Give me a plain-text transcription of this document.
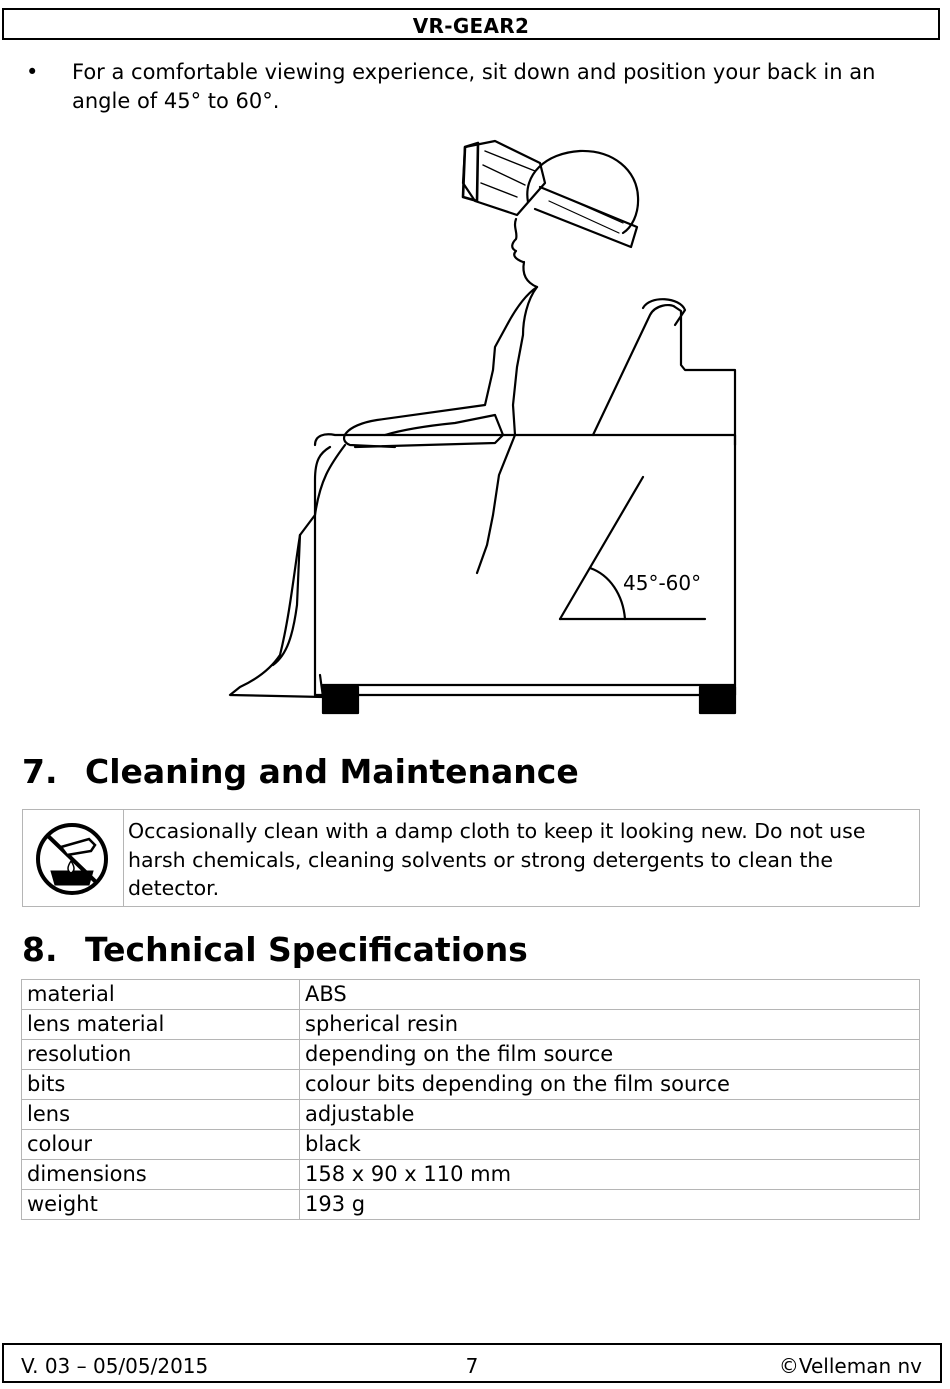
VR-GEAR2
• For a comfortable viewing experience, sit down and position your back in an angle of 45° to 60°.
45°-60°
7. Cleaning and Maintenance
Occasionally clean with a damp cloth to keep it looking new. Do not use harsh chemicals, cleaning solvents or strong detergents to clean the detector.
8. Technical Specifications
material	ABS
lens material	spherical resin
resolution	depending on the film source
bits	colour bits depending on the film source
lens	adjustable
colour	black
dimensions	158 x 90 x 110 mm
weight	193 g
V. 03 – 05/05/2015	7	©Velleman nv
